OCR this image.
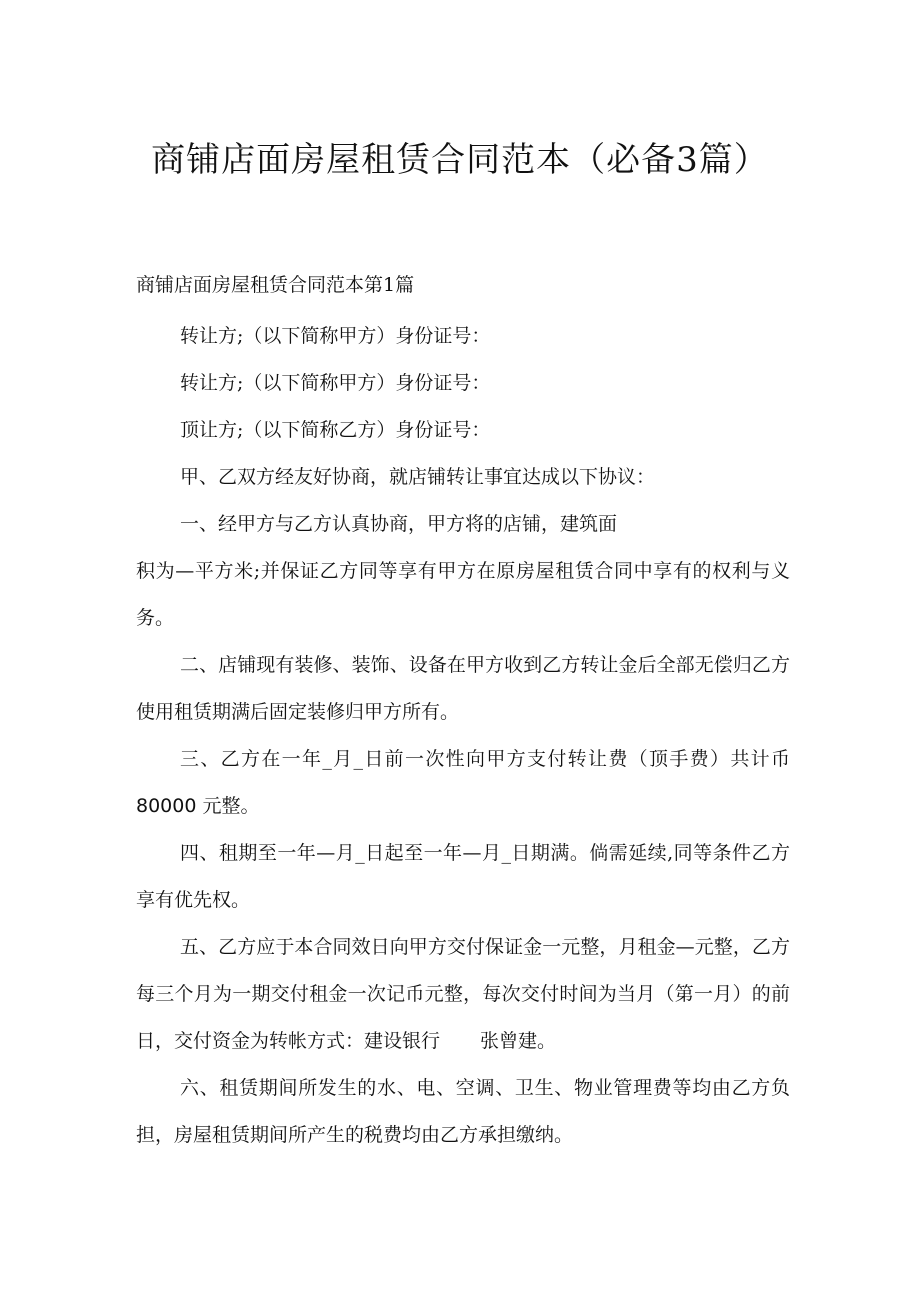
商铺店面房屋租赁合同范本（必备3篇）
商铺店面房屋租赁合同范本第1篇
转让方;（以下简称甲方）身份证号：
转让方;（以下简称甲方）身份证号：
顶让方;（以下简称乙方）身份证号：
甲、乙双方经友好协商，就店铺转让事宜达成以下协议：
一、经甲方与乙方认真协商，甲方将的店铺，建筑面
积为—平方米;并保证乙方同等享有甲方在原房屋租赁合同中享有的权利与义务。
二、店铺现有装修、装饰、设备在甲方收到乙方转让金后全部无偿归乙方使用租赁期满后固定装修归甲方所有。
三、乙方在一年_月_日前一次性向甲方支付转让费（顶手费）共计币80000 元整。
四、租期至一年—月_日起至一年—月_日期满。倘需延续,同等条件乙方享有优先权。
五、乙方应于本合同效日向甲方交付保证金一元整，月租金—元整，乙方每三个月为一期交付租金一次记币元整，每次交付时间为当月（第一月）的前日，交付资金为转帐方式：建设银行 张曾建。
六、租赁期间所发生的水、电、空调、卫生、物业管理费等均由乙方负担，房屋租赁期间所产生的税费均由乙方承担缴纳。
